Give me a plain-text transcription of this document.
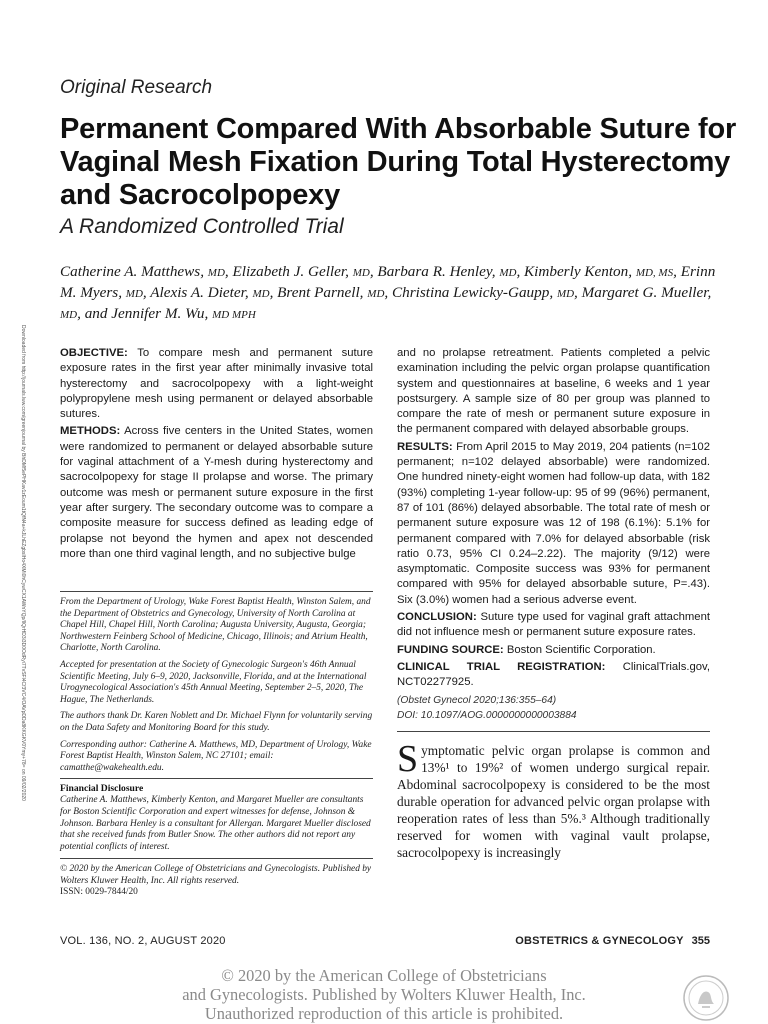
Original Research
Permanent Compared With Absorbable Suture for Vaginal Mesh Fixation During Total Hysterectomy and Sacrocolpopexy
A Randomized Controlled Trial
Catherine A. Matthews, MD, Elizabeth J. Geller, MD, Barbara R. Henley, MD, Kimberly Kenton, MD, MS, Erinn M. Myers, MD, Alexis A. Dieter, MD, Brent Parnell, MD, Christina Lewicky-Gaupp, MD, Margaret G. Mueller, MD, and Jennifer M. Wu, MD MPH
Downloaded from http://journals.lww.com/greenjournal by BhDMf5ePHKav1zEoum1tQfN4a+kJLhEZgbsIHo4XMi0hCywCX1AWnYQp/IlQrHD3i3D0OdRyi7TvSFl4Cf3VC4/OAVpDDa8KKGKV0Ymy+78= on 09/02/2020	OBJECTIVE: To compare mesh and permanent suture exposure rates in the first year after minimally invasive total hysterectomy and sacrocolpopexy with a light-weight polypropylene mesh using permanent or delayed absorbable sutures.

METHODS: Across five centers in the United States, women were randomized to permanent or delayed absorbable suture for vaginal attachment of a Y-mesh during hysterectomy and sacrocolpopexy for stage II prolapse and worse. The primary outcome was mesh or permanent suture exposure in the first year after surgery. The secondary outcome was to compare a composite measure for success defined as leading edge of prolapse not beyond the hymen and apex not descended more than one third vaginal length, and no subjective bulge

From the Department of Urology, Wake Forest Baptist Health, Winston Salem, and the Department of Obstetrics and Gynecology, University of North Carolina at Chapel Hill, Chapel Hill, North Carolina; Augusta University, Augusta, Georgia; Northwestern Feinberg School of Medicine, Chicago, Illinois; and Atrium Health, Charlotte, North Carolina.

Accepted for presentation at the Society of Gynecologic Surgeon's 46th Annual Scientific Meeting, July 6–9, 2020, Jacksonville, Florida, and at the International Urogynecological Association's 45th Annual Meeting, September 2–5, 2020, The Hague, The Netherlands.

The authors thank Dr. Karen Noblett and Dr. Michael Flynn for voluntarily serving on the Data Safety and Monitoring Board for this study.

Corresponding author: Catherine A. Matthews, MD, Department of Urology, Wake Forest Baptist Health, Winston Salem, NC 27101; email: camatthe@wakehealth.edu.

Financial Disclosure

Catherine A. Matthews, Kimberly Kenton, and Margaret Mueller are consultants for Boston Scientific Corporation and expert witnesses for defense, Johnson & Johnson. Barbara Henley is a consultant for Allergan. Margaret Mueller disclosed that she received funds from Butler Snow. The other authors did not report any potential conflicts of interest.

© 2020 by the American College of Obstetricians and Gynecologists. Published by Wolters Kluwer Health, Inc. All rights reserved.

ISSN: 0029-7844/20

and no prolapse retreatment. Patients completed a pelvic examination including the pelvic organ prolapse quantification system and questionnaires at baseline, 6 weeks and 1 year postsurgery. A sample size of 80 per group was planned to compare the rate of mesh or permanent suture exposure in the permanent compared with delayed absorbable groups.

RESULTS: From April 2015 to May 2019, 204 patients (n=102 permanent; n=102 delayed absorbable) were randomized. One hundred ninety-eight women had follow-up data, with 182 (93%) completing 1-year follow-up: 95 of 99 (96%) permanent, 87 of 101 (86%) delayed absorbable. The total rate of mesh or permanent suture exposure was 12 of 198 (6.1%): 5.1% for permanent compared with 7.0% for delayed absorbable (risk ratio 0.73, 95% CI 0.24–2.22). The majority (9/12) were asymptomatic. Composite success was 93% for permanent compared with 95% for delayed absorbable suture, P=.43). Six (3.0%) women had a serious adverse event.

CONCLUSION: Suture type used for vaginal graft attachment did not influence mesh or permanent suture exposure rates.

FUNDING SOURCE: Boston Scientific Corporation.

CLINICAL TRIAL REGISTRATION: ClinicalTrials.gov, NCT02277925.

(Obstet Gynecol 2020;136:355–64)

DOI: 10.1097/AOG.0000000000003884

Symptomatic pelvic organ prolapse is common and 13%¹ to 19%² of women undergo surgical repair. Abdominal sacrocolpopexy is considered to be the most durable operation for advanced pelvic organ prolapse with reoperation rates of less than 5%.³ Although traditionally reserved for women with vaginal vault prolapse, sacrocolpopexy is increasingly

VOL. 136, NO. 2, AUGUST 2020	OBSTETRICS & GYNECOLOGY 355
© 2020 by the American College of Obstetricians
and Gynecologists. Published by Wolters Kluwer Health, Inc.
Unauthorized reproduction of this article is prohibited.
